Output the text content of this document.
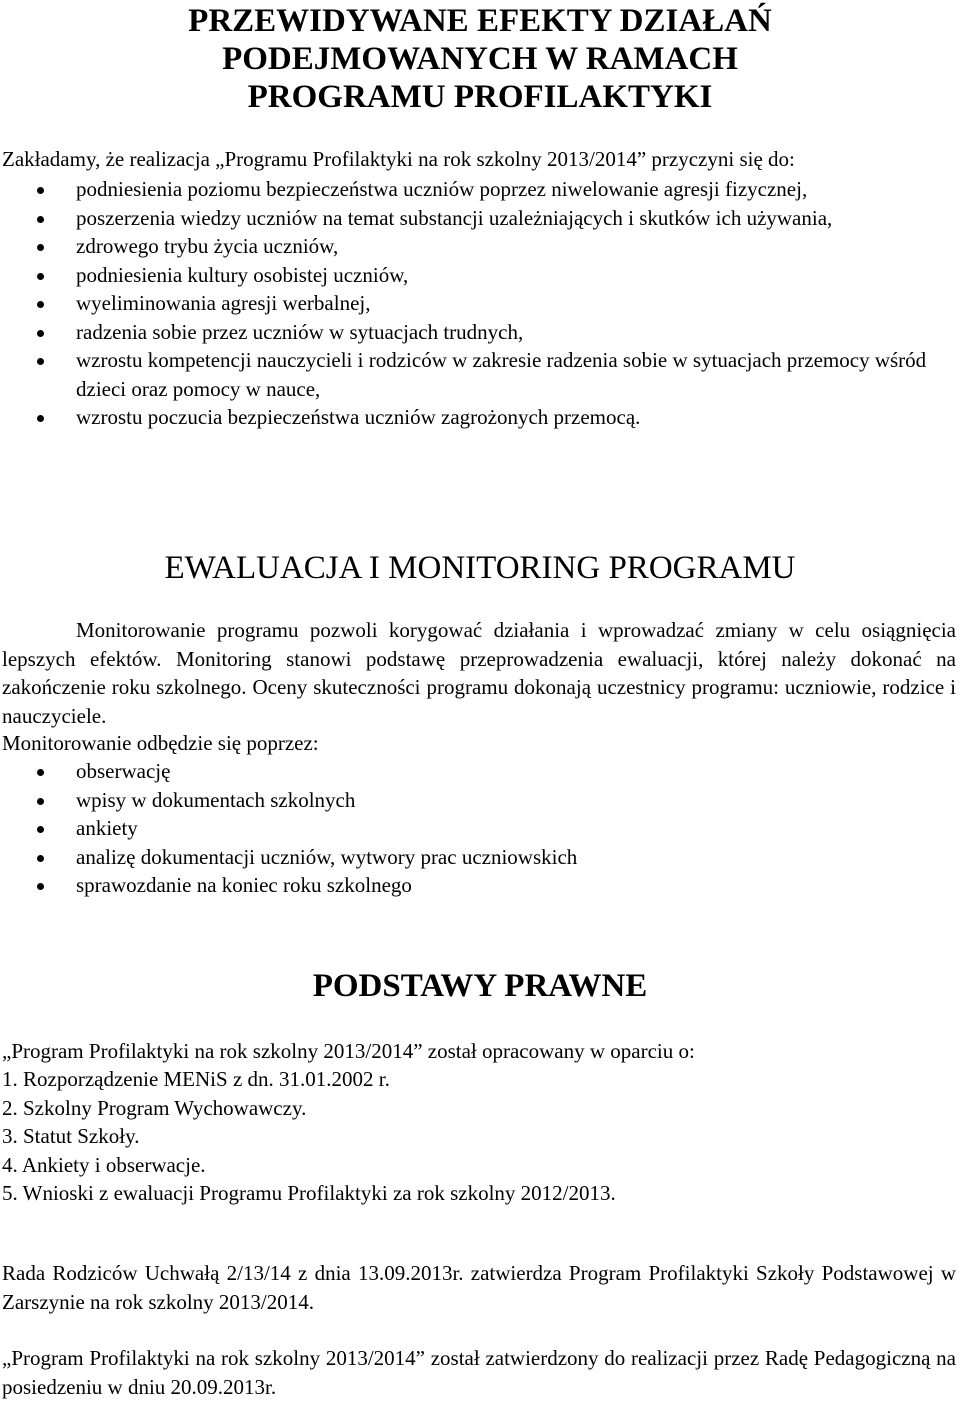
PRZEWIDYWANE EFEKTY DZIAŁAŃ
PODEJMOWANYCH W RAMACH
PROGRAMU PROFILAKTYKI

Zakładamy, że realizacja „Programu Profilaktyki na rok szkolny 2013/2014” przyczyni się do:

podniesienia poziomu bezpieczeństwa uczniów poprzez niwelowanie agresji fizycznej,
poszerzenia wiedzy uczniów na temat substancji uzależniających i skutków ich używania,
zdrowego trybu życia uczniów,
podniesienia kultury osobistej uczniów,
wyeliminowania agresji werbalnej,
radzenia sobie przez uczniów w sytuacjach trudnych,
wzrostu kompetencji nauczycieli i rodziców w zakresie radzenia sobie w sytuacjach przemocy wśród dzieci oraz pomocy w nauce,
wzrostu poczucia bezpieczeństwa uczniów zagrożonych przemocą.
EWALUACJA I MONITORING PROGRAMU

Monitorowanie programu pozwoli korygować działania i wprowadzać zmiany w celu osiągnięcia lepszych efektów. Monitoring stanowi podstawę przeprowadzenia ewaluacji, której należy dokonać na zakończenie roku szkolnego. Oceny skuteczności programu dokonają uczestnicy programu: uczniowie, rodzice i nauczyciele.

Monitorowanie odbędzie się poprzez:

obserwację
wpisy w dokumentach szkolnych
ankiety
analizę dokumentacji uczniów, wytwory prac uczniowskich
sprawozdanie na koniec roku szkolnego
PODSTAWY PRAWNE

„Program Profilaktyki na rok szkolny 2013/2014” został opracowany w oparciu o:

1. Rozporządzenie MENiS z dn. 31.01.2002 r.
2. Szkolny Program Wychowawczy.
3. Statut Szkoły.
4. Ankiety i obserwacje.
5. Wnioski z ewaluacji Programu Profilaktyki za rok szkolny 2012/2013.

Rada Rodziców Uchwałą 2/13/14 z dnia 13.09.2013r. zatwierdza Program Profilaktyki Szkoły Podstawowej w Zarszynie na rok szkolny 2013/2014.

„Program Profilaktyki na rok szkolny 2013/2014” został zatwierdzony do realizacji przez Radę Pedagogiczną na posiedzeniu w dniu 20.09.2013r.
